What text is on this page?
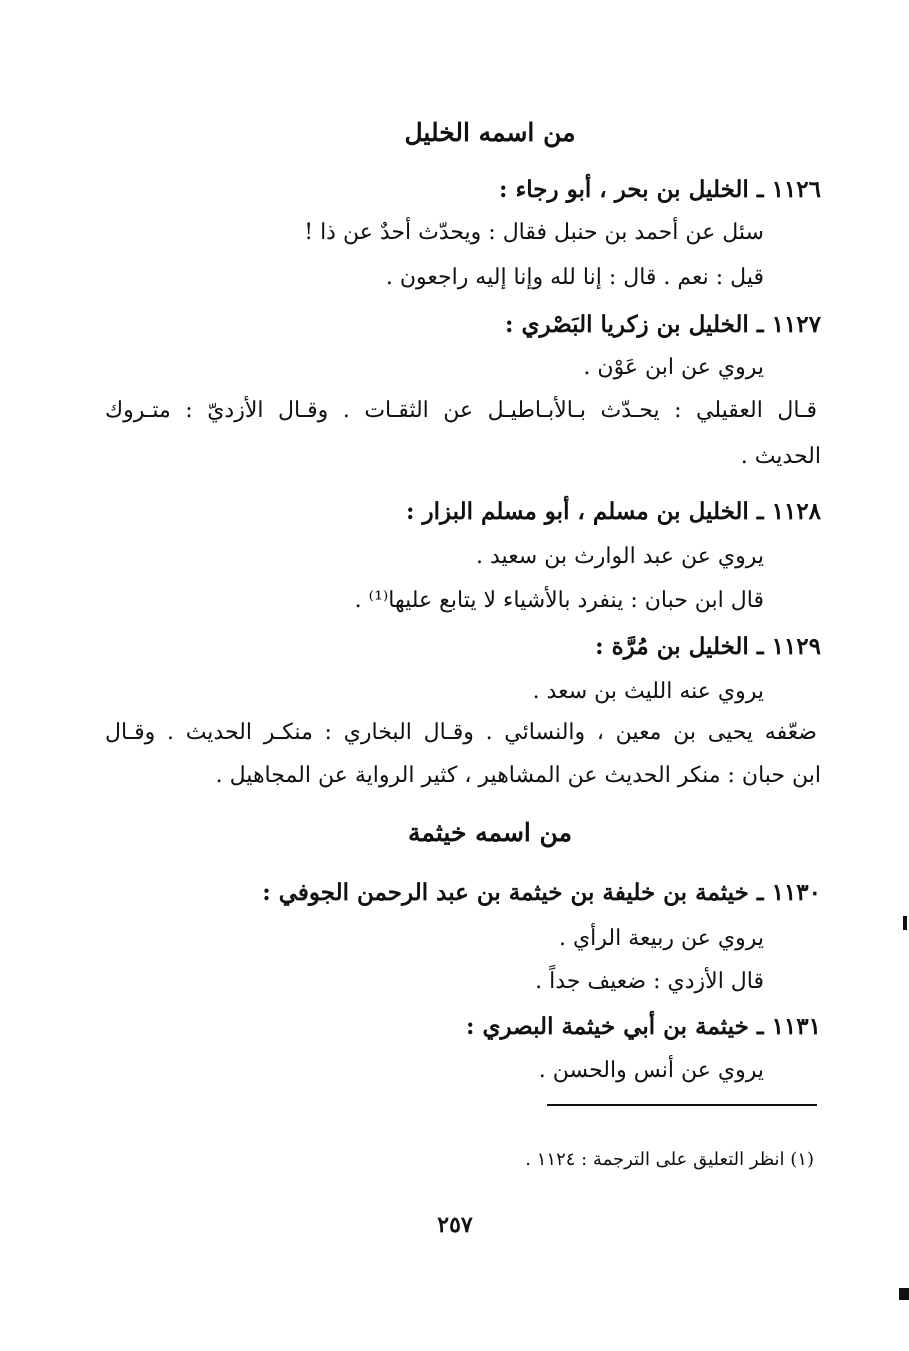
من اسمه الخليل
١١٢٦ ـ الخليل بن بحر ، أبو رجاء :
سئل عن أحمد بن حنبل فقال : ويحدّث أحدٌ عن ذا !
قيل : نعم . قال : إنا لله وإنا إليه راجعون .
١١٢٧ ـ الخليل بن زكريا البَصْري :
يروي عن ابن عَوْن .
قـال العقيلي : يحـدّث بـالأبـاطيـل عن الثقـات . وقـال الأزديّ : متـروك
الحديث .
١١٢٨ ـ الخليل بن مسلم ، أبو مسلم البزار :
يروي عن عبد الوارث بن سعيد .
قال ابن حبان : ينفرد بالأشياء لا يتابع عليها⁽¹⁾ .
١١٢٩ ـ الخليل بن مُرَّة :
يروي عنه الليث بن سعد .
ضعّفه يحيى بن معين ، والنسائي . وقـال البخاري : منكـر الحديث . وقـال
ابن حبان : منكر الحديث عن المشاهير ، كثير الرواية عن المجاهيل .
من اسمه خيثمة
١١٣٠ ـ خيثمة بن خليفة بن خيثمة بن عبد الرحمن الجوفي :
يروي عن ربيعة الرأي .
قال الأزدي : ضعيف جداً .
١١٣١ ـ خيثمة بن أبي خيثمة البصري :
يروي عن أنس والحسن .
(١) انظر التعليق على الترجمة : ١١٢٤ .
٢٥٧
